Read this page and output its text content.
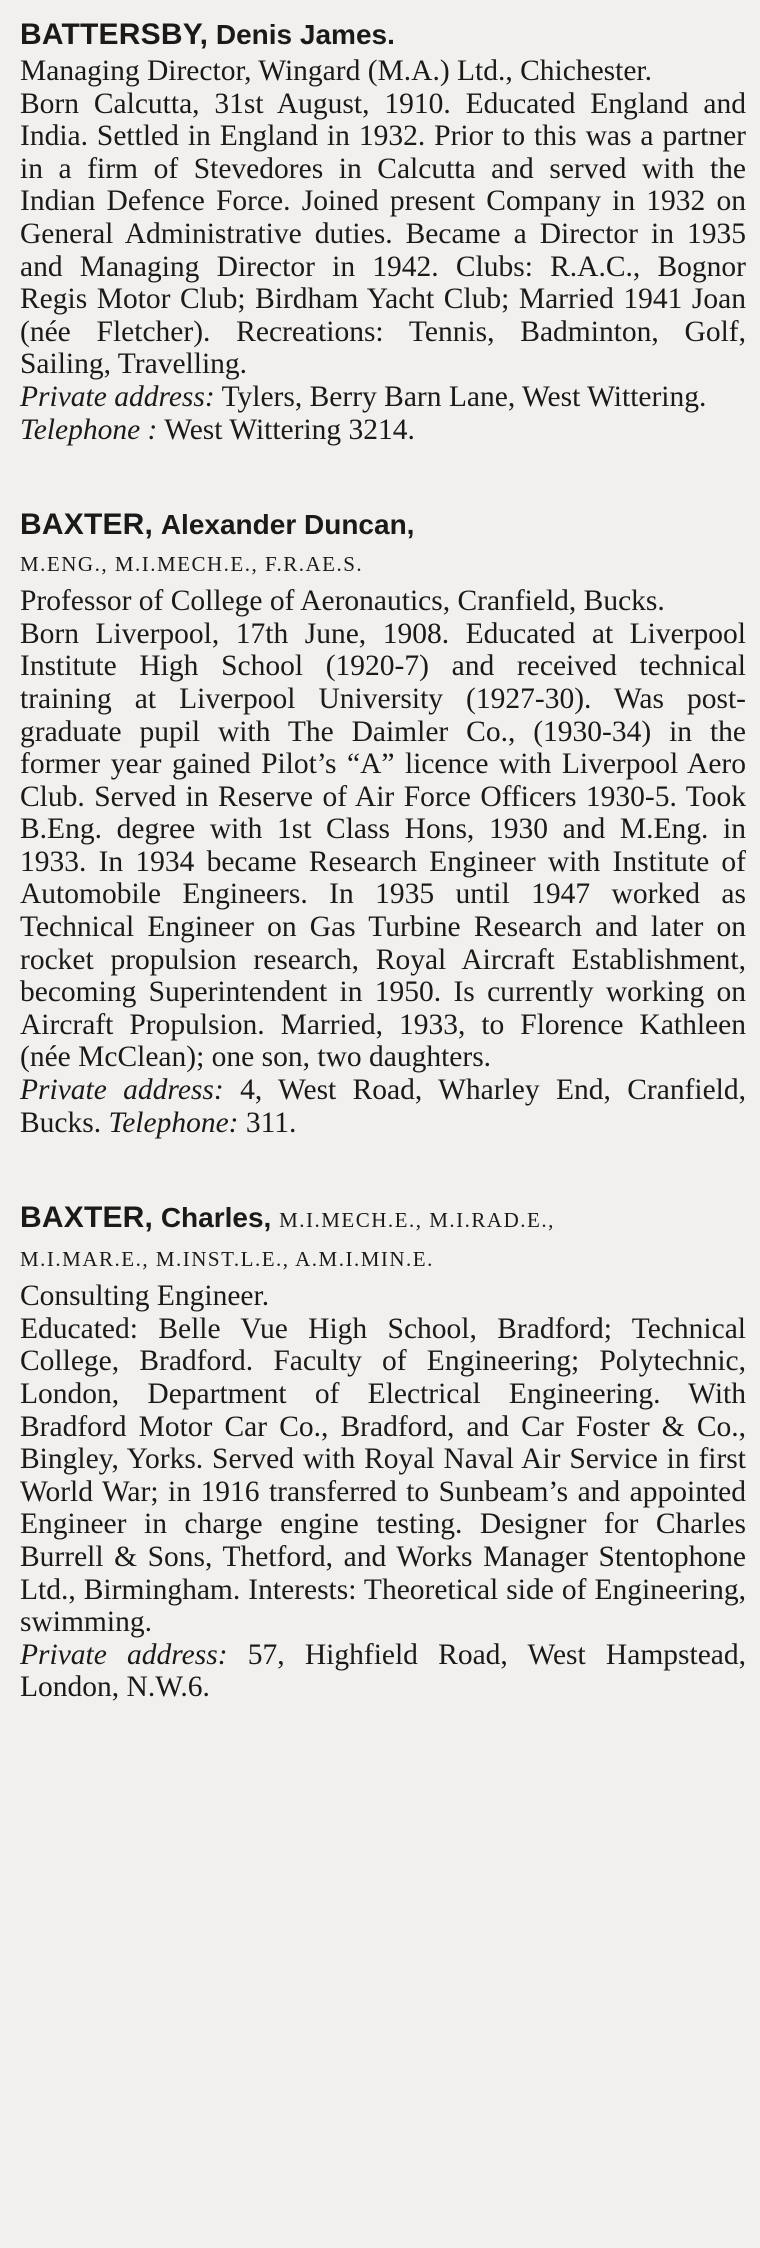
BATTERSBY, Denis James.

Managing Director, Wingard (M.A.) Ltd., Chichester.

Born Calcutta, 31st August, 1910. Educated England and India. Settled in England in 1932. Prior to this was a partner in a firm of Stevedores in Calcutta and served with the Indian Defence Force. Joined present Company in 1932 on General Administrative duties. Became a Director in 1935 and Managing Director in 1942. Clubs: R.A.C., Bognor Regis Motor Club; Birdham Yacht Club; Married 1941 Joan (née Fletcher). Recreations: Tennis, Badminton, Golf, Sailing, Travelling.

Private address: Tylers, Berry Barn Lane, West Wittering.

Telephone : West Wittering 3214.

BAXTER, Alexander Duncan,
M.ENG., M.I.MECH.E., F.R.AE.S.

Professor of College of Aeronautics, Cranfield, Bucks.

Born Liverpool, 17th June, 1908. Educated at Liverpool Institute High School (1920-7) and received technical training at Liverpool University (1927-30). Was post-graduate pupil with The Daimler Co., (1930-34) in the former year gained Pilot’s “A” licence with Liverpool Aero Club. Served in Reserve of Air Force Officers 1930-5. Took B.Eng. degree with 1st Class Hons, 1930 and M.Eng. in 1933. In 1934 became Research Engineer with Institute of Automobile Engineers. In 1935 until 1947 worked as Technical Engineer on Gas Turbine Research and later on rocket propulsion research, Royal Aircraft Establishment, becoming Superintendent in 1950. Is currently working on Aircraft Propulsion. Married, 1933, to Florence Kathleen (née McClean); one son, two daughters.

Private address: 4, West Road, Wharley End, Cranfield, Bucks. Telephone: 311.

BAXTER, Charles, M.I.MECH.E., M.I.RAD.E.,
M.I.MAR.E., M.INST.L.E., A.M.I.MIN.E.

Consulting Engineer.

Educated: Belle Vue High School, Bradford; Technical College, Bradford. Faculty of Engineering; Polytechnic, London, Department of Electrical Engineering. With Bradford Motor Car Co., Bradford, and Car Foster & Co., Bingley, Yorks. Served with Royal Naval Air Service in first World War; in 1916 transferred to Sunbeam’s and appointed Engineer in charge engine testing. Designer for Charles Burrell & Sons, Thetford, and Works Manager Stentophone Ltd., Birmingham. Interests: Theoretical side of Engineering, swimming.

Private address: 57, Highfield Road, West Hampstead, London, N.W.6.
